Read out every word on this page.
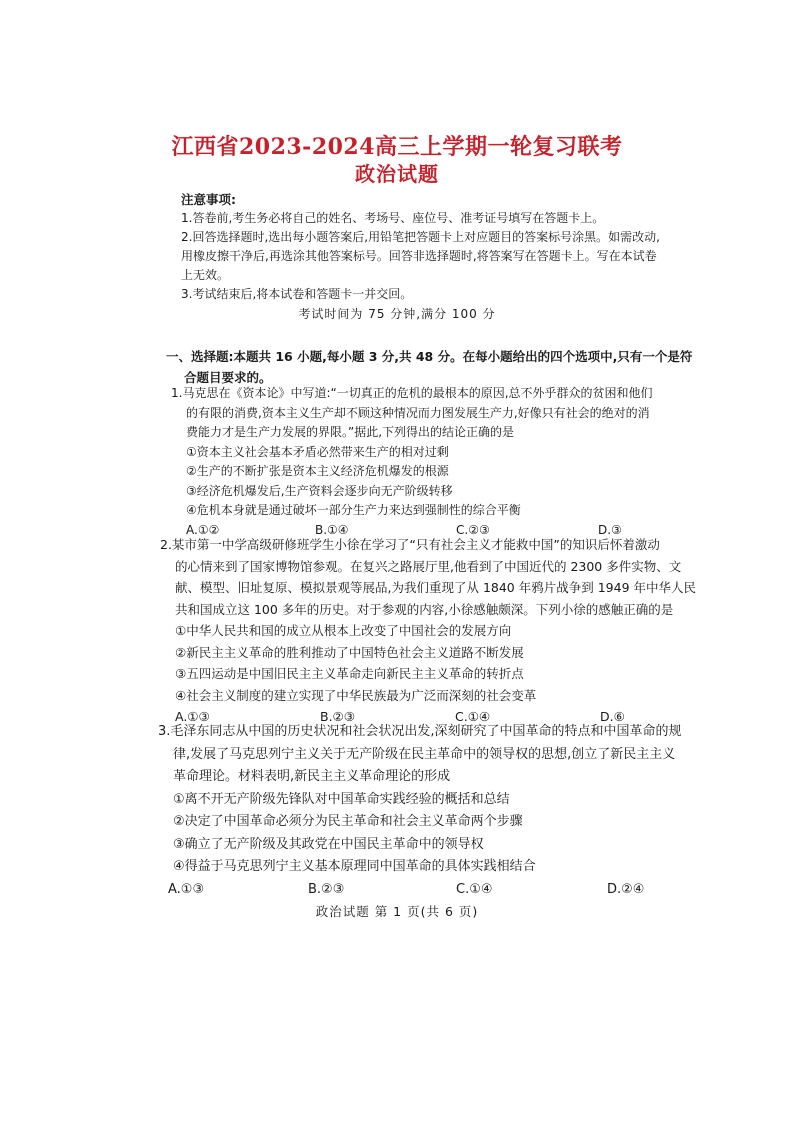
江西省2023-2024高三上学期一轮复习联考
政治试题

注意事项:

1.答卷前,考生务必将自己的姓名、考场号、座位号、准考证号填写在答题卡上。

2.回答选择题时,选出每小题答案后,用铅笔把答题卡上对应题目的答案标号涂黑。如需改动,

用橡皮擦干净后,再选涂其他答案标号。回答非选择题时,将答案写在答题卡上。写在本试卷

上无效。

3.考试结束后,将本试卷和答题卡一并交回。

考试时间为 75 分钟,满分 100 分
一、选择题:本题共 16 小题,每小题 3 分,共 48 分。在每小题给出的四个选项中,只有一个是符
合题目要求的。

1.马克思在《资本论》中写道:“一切真正的危机的最根本的原因,总不外乎群众的贫困和他们

的有限的消费,资本主义生产却不顾这种情况而力图发展生产力,好像只有社会的绝对的消

费能力才是生产力发展的界限。”据此,下列得出的结论正确的是

①资本主义社会基本矛盾必然带来生产的相对过剩

②生产的不断扩张是资本主义经济危机爆发的根源

③经济危机爆发后,生产资料会逐步向无产阶级转移

④危机本身就是通过破坏一部分生产力来达到强制性的综合平衡

A.①②	B.①④	C.②③	D.③

2.某市第一中学高级研修班学生小徐在学习了“只有社会主义才能救中国”的知识后怀着激动

的心情来到了国家博物馆参观。在复兴之路展厅里,他看到了中国近代的 2300 多件实物、文

献、模型、旧址复原、模拟景观等展品,为我们重现了从 1840 年鸦片战争到 1949 年中华人民

共和国成立这 100 多年的历史。对于参观的内容,小徐感触颇深。下列小徐的感触正确的是

①中华人民共和国的成立从根本上改变了中国社会的发展方向

②新民主主义革命的胜利推动了中国特色社会主义道路不断发展

③五四运动是中国旧民主主义革命走向新民主主义革命的转折点

④社会主义制度的建立实现了中华民族最为广泛而深刻的社会变革

A.①③	B.②③	C.①④	D.⑥

3.毛泽东同志从中国的历史状况和社会状况出发,深刻研究了中国革命的特点和中国革命的规

律,发展了马克思列宁主义关于无产阶级在民主革命中的领导权的思想,创立了新民主主义

革命理论。材料表明,新民主主义革命理论的形成

①离不开无产阶级先锋队对中国革命实践经验的概括和总结

②决定了中国革命必须分为民主革命和社会主义革命两个步骤

③确立了无产阶级及其政党在中国民主革命中的领导权

④得益于马克思列宁主义基本原理同中国革命的具体实践相结合

A.①③	B.②③	C.①④	D.②④
政治试题 第 1 页(共 6 页)
